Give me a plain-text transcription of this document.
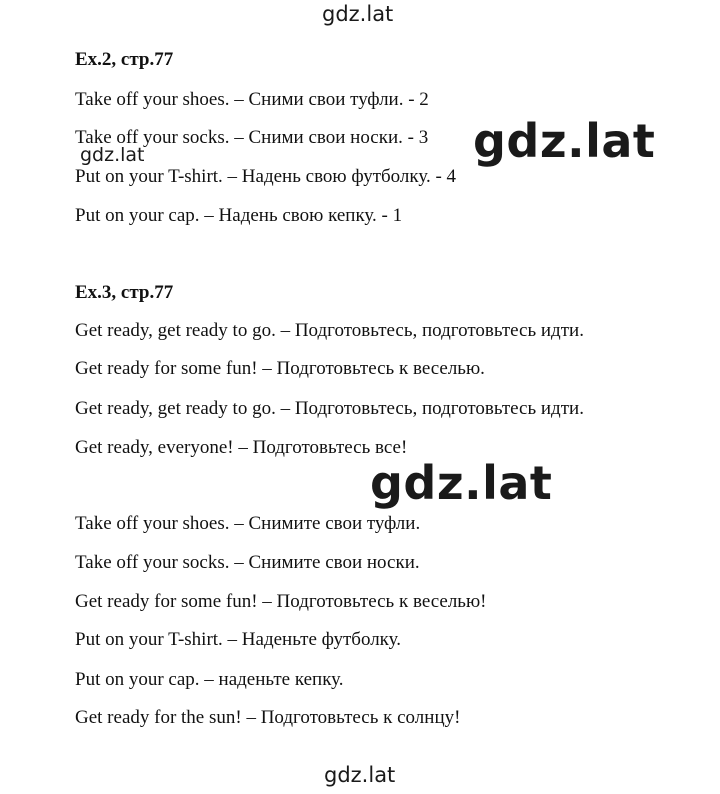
gdz.lat
Ex.2, стр.77
Take off your shoes. – Сними свои туфли. - 2
Take off your socks. – Сними свои носки. - 3
Put on your T-shirt. – Надень свою футболку. - 4
Put on your cap. – Надень свою кепку. - 1
gdz.lat	gdz.lat
Ex.3, стр.77
Get ready, get ready to go. – Подготовьтесь, подготовьтесь идти.
Get ready for some fun! – Подготовьтесь к веселью.
Get ready, get ready to go. – Подготовьтесь, подготовьтесь идти.
Get ready, everyone! – Подготовьтесь все!
gdz.lat
Take off your shoes. – Снимите свои туфли.
Take off your socks. – Снимите свои носки.
Get ready for some fun! – Подготовьтесь к веселью!
Put on your T-shirt. – Наденьте футболку.
Put on your cap. – наденьте кепку.
Get ready for the sun! – Подготовьтесь к солнцу!
gdz.lat
